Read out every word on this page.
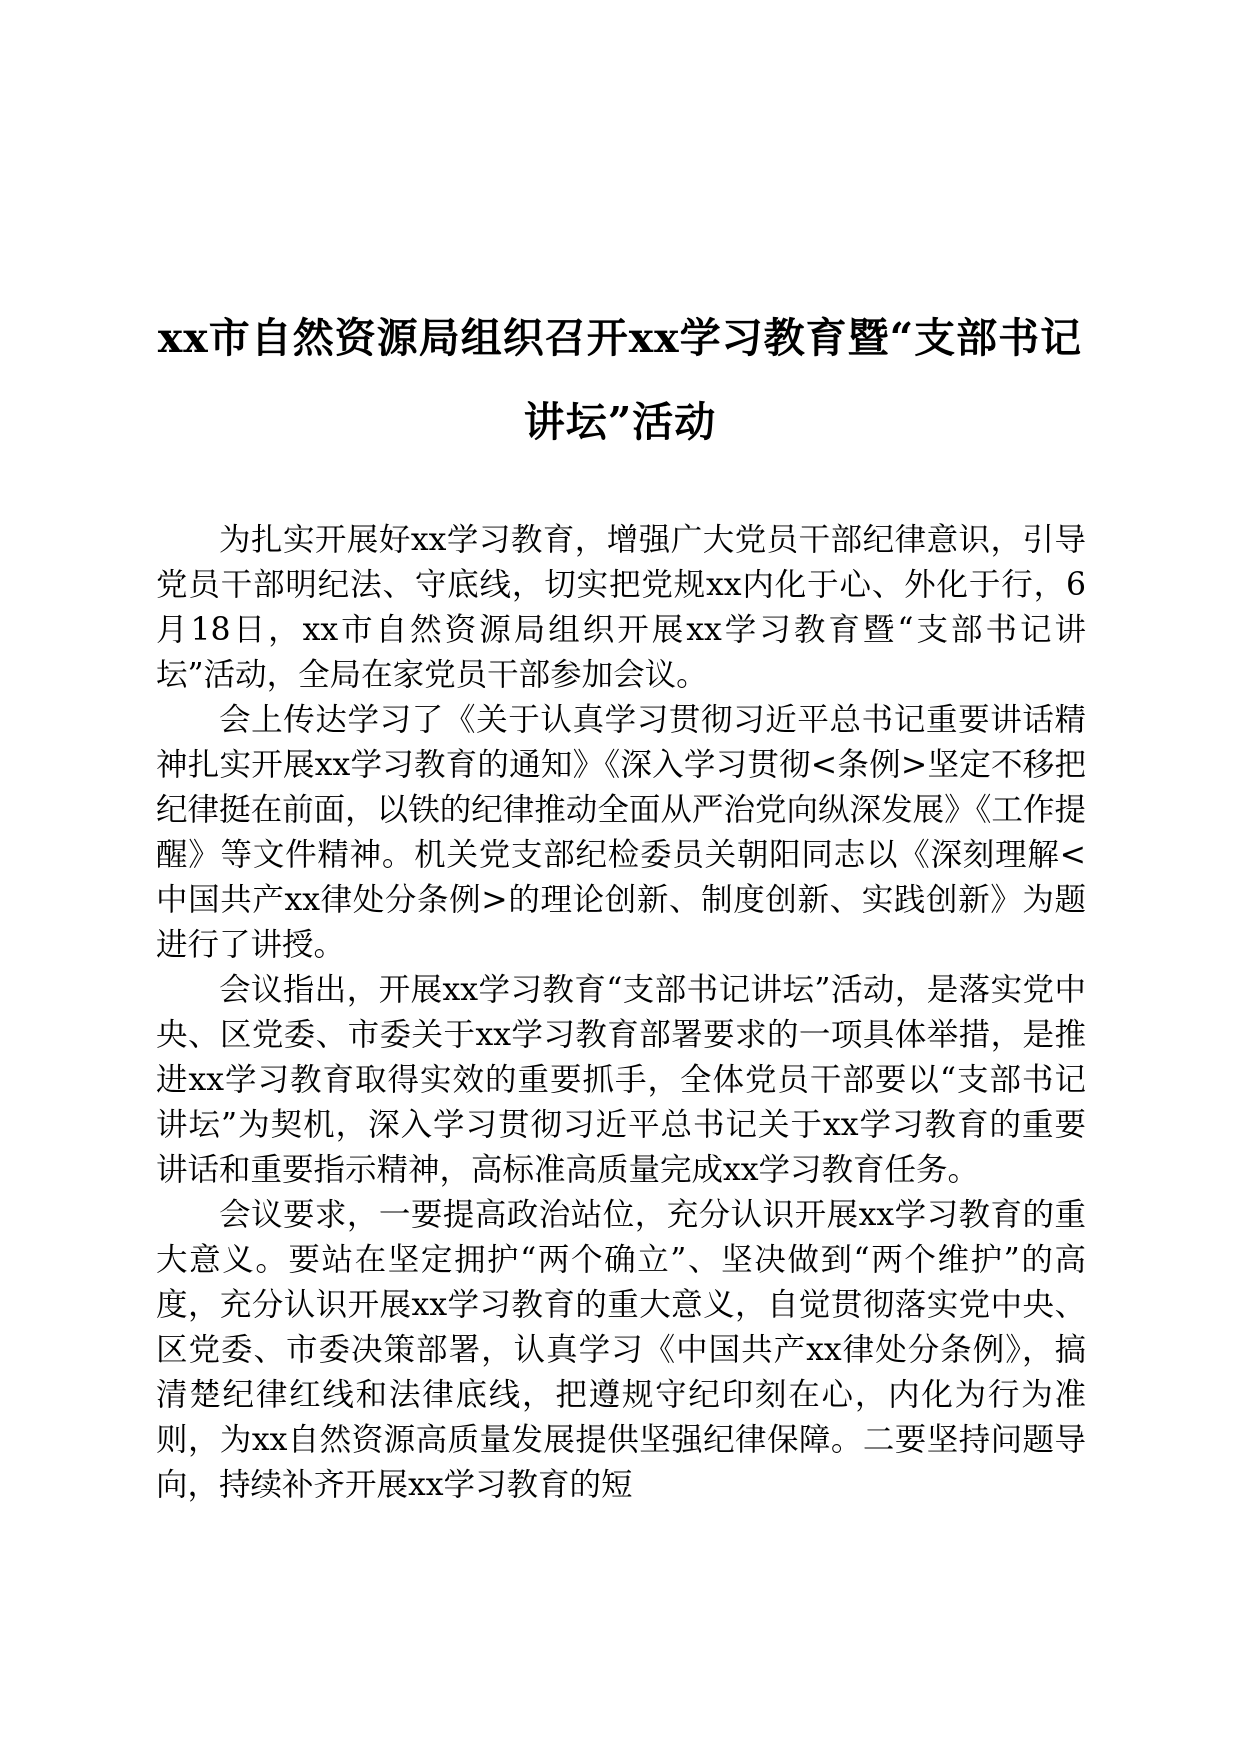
xx市自然资源局组织召开xx学习教育暨“支部书记讲坛”活动

为扎实开展好xx学习教育，增强广大党员干部纪律意识，引导党员干部明纪法、守底线，切实把党规xx内化于心、外化于行，6月18日，xx市自然资源局组织开展xx学习教育暨“支部书记讲坛”活动，全局在家党员干部参加会议。

会上传达学习了《关于认真学习贯彻习近平总书记重要讲话精神扎实开展xx学习教育的通知》《深入学习贯彻<条例>坚定不移把纪律挺在前面，以铁的纪律推动全面从严治党向纵深发展》《工作提醒》等文件精神。机关党支部纪检委员关朝阳同志以《深刻理解<中国共产xx律处分条例>的理论创新、制度创新、实践创新》为题进行了讲授。

会议指出，开展xx学习教育“支部书记讲坛”活动，是落实党中央、区党委、市委关于xx学习教育部署要求的一项具体举措，是推进xx学习教育取得实效的重要抓手，全体党员干部要以“支部书记讲坛”为契机，深入学习贯彻习近平总书记关于xx学习教育的重要讲话和重要指示精神，高标准高质量完成xx学习教育任务。

会议要求，一要提高政治站位，充分认识开展xx学习教育的重大意义。要站在坚定拥护“两个确立”、坚决做到“两个维护”的高度，充分认识开展xx学习教育的重大意义，自觉贯彻落实党中央、区党委、市委决策部署，认真学习《中国共产xx律处分条例》，搞清楚纪律红线和法律底线，把遵规守纪印刻在心，内化为行为准则，为xx自然资源高质量发展提供坚强纪律保障。二要坚持问题导向，持续补齐开展xx学习教育的短
